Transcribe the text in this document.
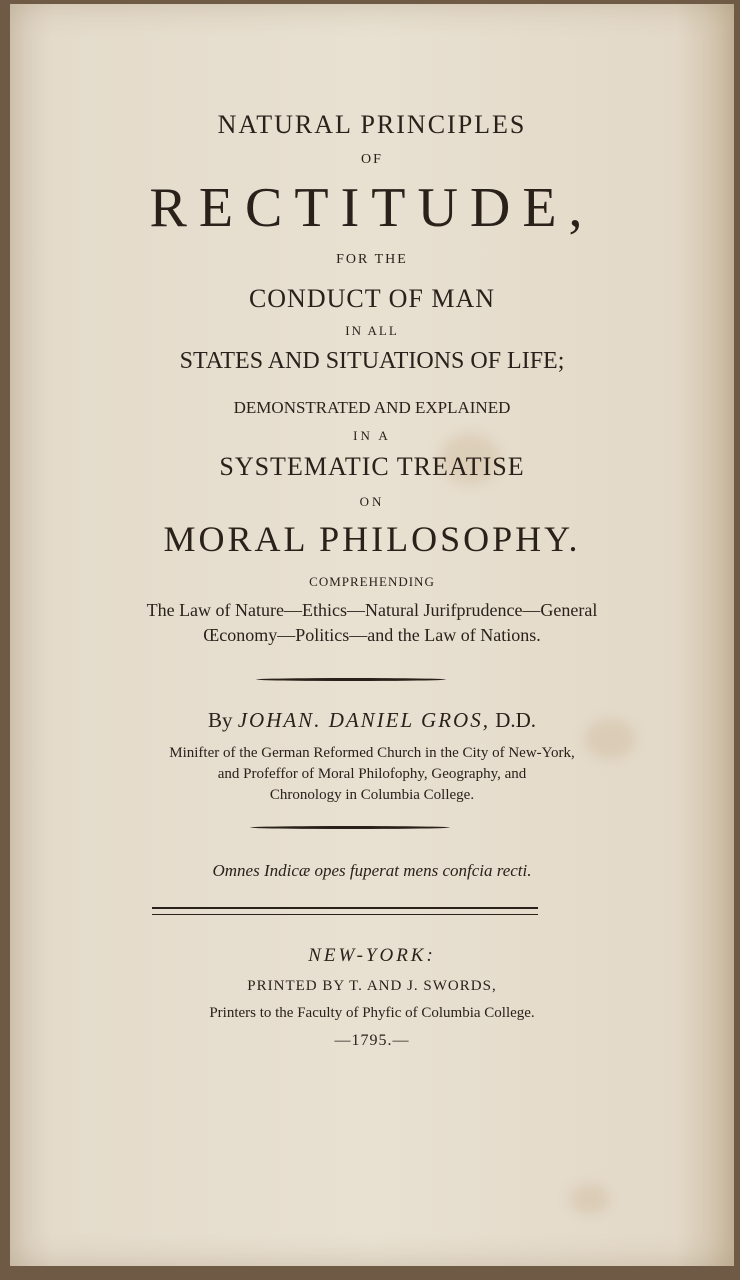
NATURAL PRINCIPLES
OF
RECTITUDE,
FOR THE
CONDUCT OF MAN
IN ALL
STATES AND SITUATIONS OF LIFE;
DEMONSTRATED AND EXPLAINED
IN A
SYSTEMATIC TREATISE
ON
MORAL PHILOSOPHY.
COMPREHENDING
The Law of Nature—Ethics—Natural Jurifprudence—General
Œconomy—Politics—and the Law of Nations.
By JOHAN. DANIEL GROS, D.D.
Minifter of the German Reformed Church in the City of New-York,
and Profeffor of Moral Philofophy, Geography, and
Chronology in Columbia College.
Omnes Indicæ opes fuperat mens confcia recti.
NEW-YORK:
PRINTED BY T. AND J. SWORDS,
Printers to the Faculty of Phyfic of Columbia College.
—1795.—
